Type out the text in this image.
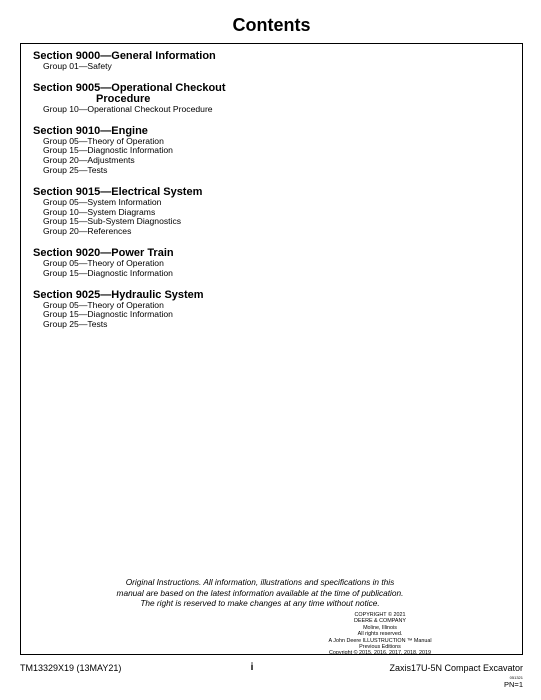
Contents
Section 9000—General Information
Group 01—Safety
Section 9005—Operational Checkout
Procedure
Group 10—Operational Checkout Procedure
Section 9010—Engine
Group 05—Theory of Operation
Group 15—Diagnostic Information
Group 20—Adjustments
Group 25—Tests
Section 9015—Electrical System
Group 05—System Information
Group 10—System Diagrams
Group 15—Sub-System Diagnostics
Group 20—References
Section 9020—Power Train
Group 05—Theory of Operation
Group 15—Diagnostic Information
Section 9025—Hydraulic System
Group 05—Theory of Operation
Group 15—Diagnostic Information
Group 25—Tests
Original Instructions. All information, illustrations and specifications in this
manual are based on the latest information available at the time of publication.
The right is reserved to make changes at any time without notice.
COPYRIGHT © 2021
DEERE & COMPANY
Moline, Illinois
All rights reserved.
A John Deere ILLUSTRUCTION ™ Manual
Previous Editions
Copyright © 2015, 2016, 2017, 2018, 2019
TM13329X19 (13MAY21)	i	Zaxis17U-5N Compact Excavator
051321
PN=1
